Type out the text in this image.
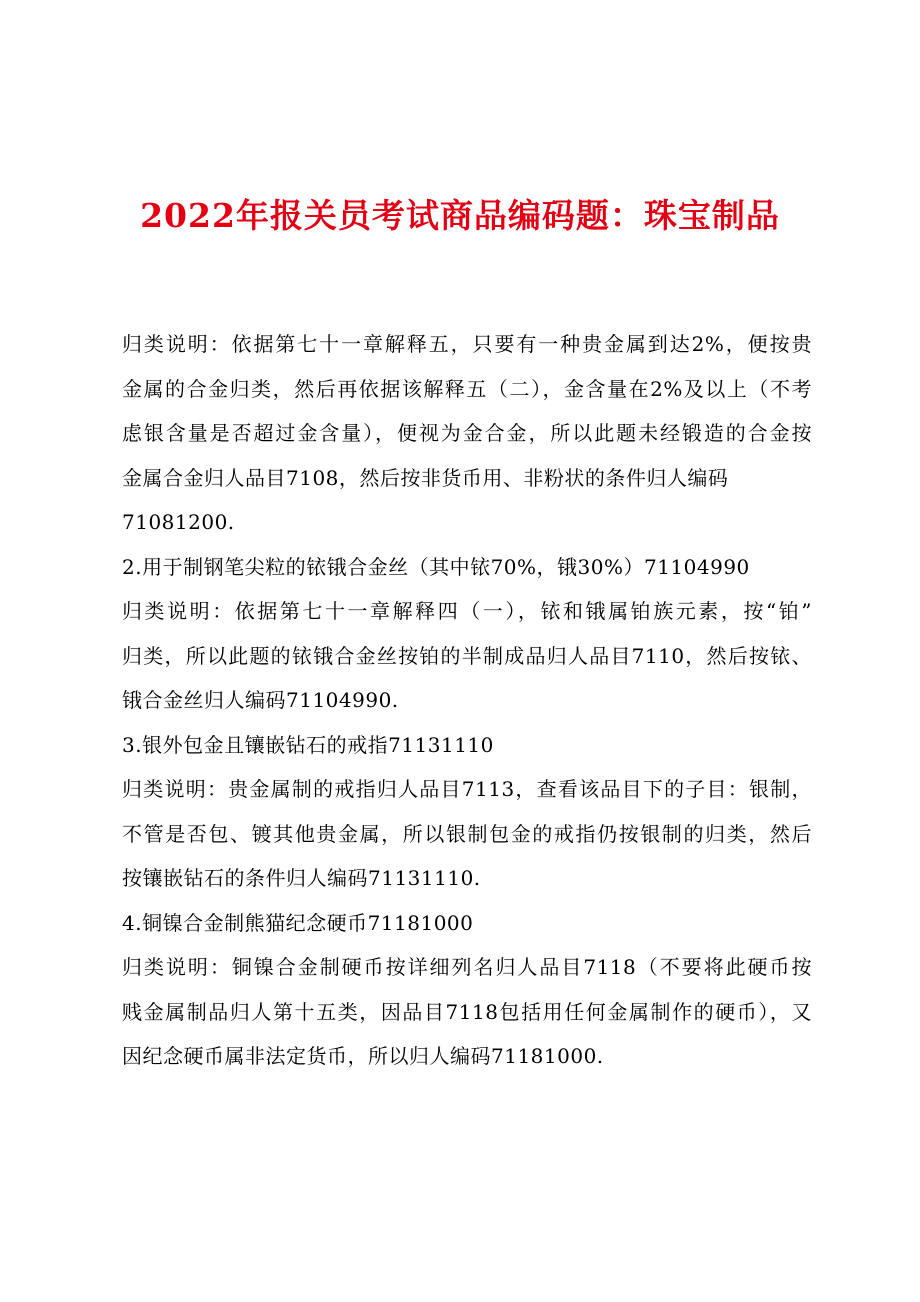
2022年报关员考试商品编码题：珠宝制品
归类说明：依据第七十一章解释五，只要有一种贵金属到达2%，便按贵
金属的合金归类，然后再依据该解释五（二），金含量在2%及以上（不考
虑银含量是否超过金含量），便视为金合金，所以此题未经锻造的合金按
金属合金归人品目7108，然后按非货币用、非粉状的条件归人编码
71081200.
2.用于制钢笔尖粒的铱锇合金丝（其中铱70%，锇30%）71104990
归类说明：依据第七十一章解释四（一），铱和锇属铂族元素，按“铂”
归类，所以此题的铱锇合金丝按铂的半制成品归人品目7110，然后按铱、
锇合金丝归人编码71104990.
3.银外包金且镶嵌钻石的戒指71131110
归类说明：贵金属制的戒指归人品目7113，查看该品目下的子目：银制，
不管是否包、镀其他贵金属，所以银制包金的戒指仍按银制的归类，然后
按镶嵌钻石的条件归人编码71131110.
4.铜镍合金制熊猫纪念硬币71181000
归类说明：铜镍合金制硬币按详细列名归人品目7118（不要将此硬币按
贱金属制品归人第十五类，因品目7118包括用任何金属制作的硬币），又
因纪念硬币属非法定货币，所以归人编码71181000.
